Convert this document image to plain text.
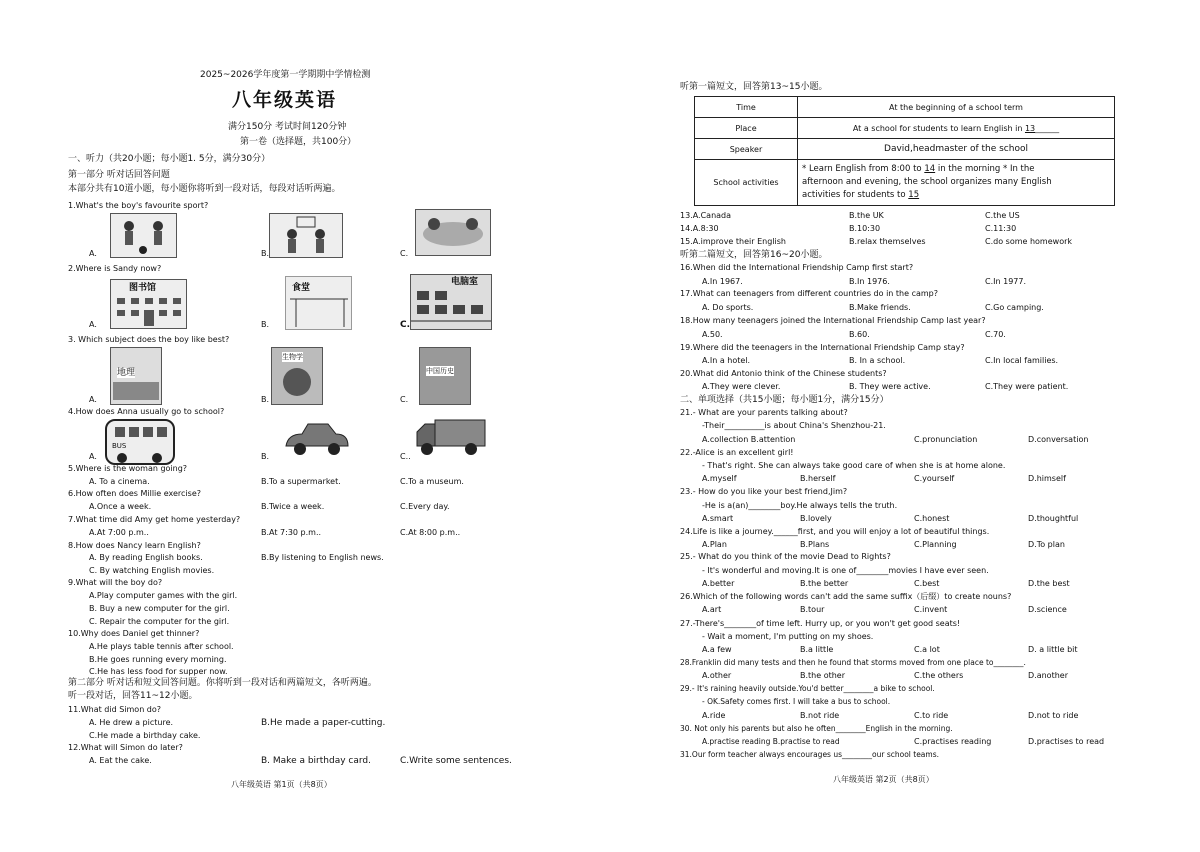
2025~2026学年度第一学期期中学情检测
八年级英语
满分150分 考试时间120分钟
第一卷（选择题，共100分）
一、听力（共20小题；每小题1. 5分，满分30分）
第一部分 听对话回答问题
本部分共有10道小题，每小题你将听到一段对话，每段对话听两遍。
1.What's the boy's favourite sport?
A.	B.	C.
2.Where is Sandy now?
A.
图书馆
B.
食堂
C.
电脑室
3. Which subject does the boy like best?
A.
地理
B.
生物学
C.
中国历史
4.How does Anna usually go to school?
A.
BUS
B.	C..
5.Where is the woman going?
A. To a cinema.	B.To a supermarket.	C.To a museum.
6.How often does Millie exercise?
A.Once a week.	B.Twice a week.	C.Every day.
7.What time did Amy get home yesterday?
A.At 7:00 p.m..	B.At 7:30 p.m..	C.At 8:00 p.m..
8.How does Nancy learn English?
A. By reading English books.	B.By listening to English news.
C. By watching English movies.
9.What will the boy do?
A.Play computer games with the girl.
B. Buy a new computer for the girl.
C. Repair the computer for the girl.
10.Why does Daniel get thinner?
A.He plays table tennis after school.
B.He goes running every morning.
C.He has less food for supper now.
第二部分 听对话和短文回答问题。你将听到一段对话和两篇短文，各听两遍。
听一段对话，回答11~12小题。
11.What did Simon do?
A. He drew a picture.	B.He made a paper-cutting.
C.He made a birthday cake.
12.What will Simon do later?
A. Eat the cake.	B. Make a birthday card.	C.Write some sentences.
八年级英语 第1页（共8页）
听第一篇短文，回答第13~15小题。
Time	At the beginning of a school term
Place	At a school for students to learn English in 13______
Speaker	David,headmaster of the school
School activities	* Learn English from 8:00 to 14 in the morning * In the
afternoon and evening, the school organizes many English
activities for students to 15
13.A.Canada	B.the UK	C.the US
14.A.8:30	B.10:30	C.11:30
15.A.improve their English	B.relax themselves	C.do some homework
听第二篇短文，回答第16~20小题。
16.When did the International Friendship Camp first start?
A.In 1967.	B.In 1976.	C.In 1977.
17.What can teenagers from different countries do in the camp?
A. Do sports.	B.Make friends.	C.Go camping.
18.How many teenagers joined the International Friendship Camp last year?
A.50.	B.60.	C.70.
19.Where did the teenagers in the International Friendship Camp stay?
A.In a hotel.	B. In a school.	C.In local families.
20.What did Antonio think of the Chinese students?
A.They were clever.	B. They were active.	C.They were patient.
二、单项选择（共15小题；每小题1分，满分15分）
21.- What are your parents talking about?
-Their__________is about China's Shenzhou-21.
A.collection B.attention	C.pronunciation	D.conversation
22.-Alice is an excellent girl!
- That's right. She can always take good care of when she is at home alone.
A.myself	B.herself	C.yourself	D.himself
23.- How do you like your best friend,Jim?
-He is a(an)________boy.He always tells the truth.
A.smart	B.lovely	C.honest	D.thoughtful
24.Life is like a journey.______first, and you will enjoy a lot of beautiful things.
A.Plan	B.Plans	C.Planning	D.To plan
25.- What do you think of the movie Dead to Rights?
- It's wonderful and moving.It is one of________movies I have ever seen.
A.better	B.the better	C.best	D.the best
26.Which of the following words can't add the same suffix（后缀）to create nouns?
A.art	B.tour	C.invent	D.science
27.-There's________of time left. Hurry up, or you won't get good seats!
- Wait a moment, I'm putting on my shoes.
A.a few	B.a little	C.a lot	D. a little bit
28.Franklin did many tests and then he found that storms moved from one place to________.
A.other	B.the other	C.the others	D.another
29.- It's raining heavily outside.You'd better________a bike to school.
- OK.Safety comes first. I will take a bus to school.
A.ride	B.not ride	C.to ride	D.not to ride
30. Not only his parents but also he often________English in the morning.
A.practise reading B.practise to read	C.practises reading	D.practises to read
31.Our form teacher always encourages us________our school teams.
八年级英语 第2页（共8页）
